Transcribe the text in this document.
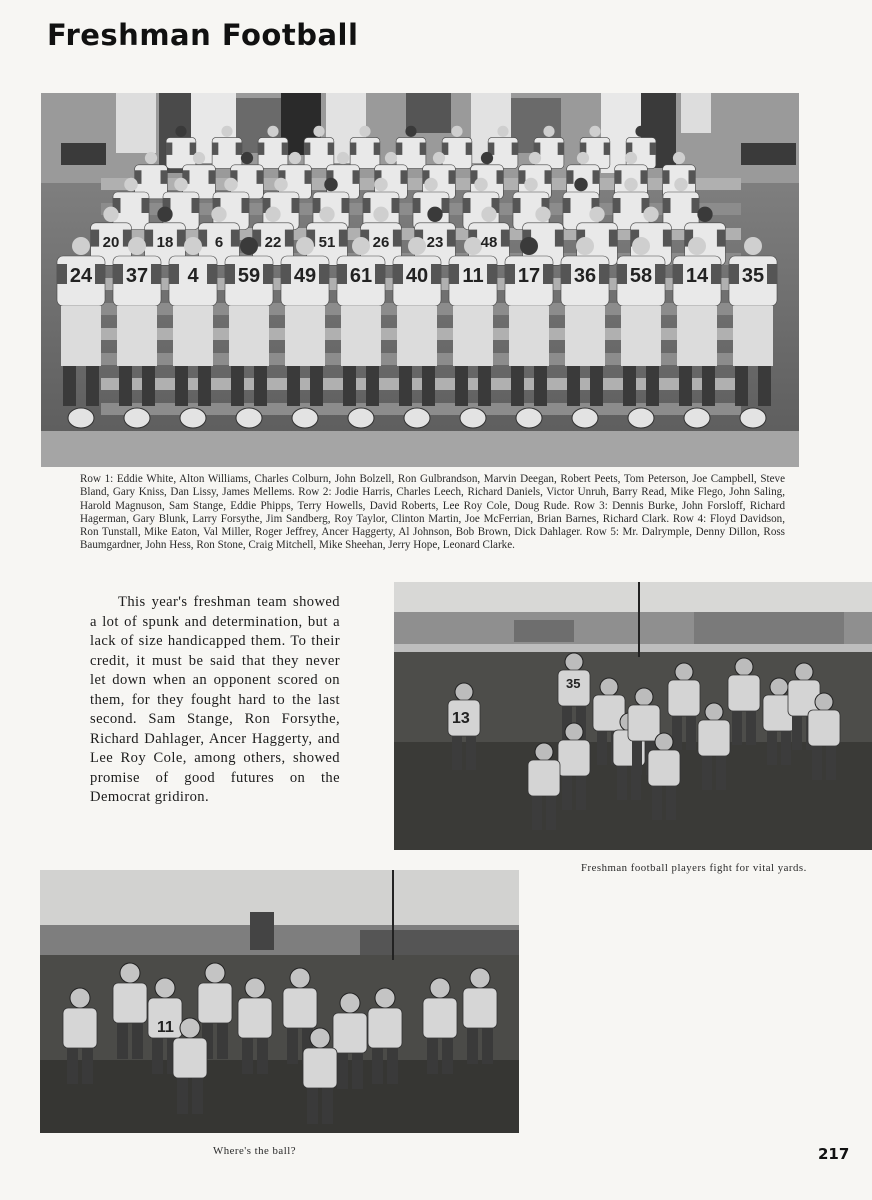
Freshman Football
24 37 4 59 49 61 40 11 17 36 58 14 35
20 18	6	22 51 26 23 48
Row 1: Eddie White, Alton Williams, Charles Colburn, John Bolzell, Ron Gulbrandson, Marvin Deegan, Robert Peets, Tom Peterson, Joe Campbell, Steve Bland, Gary Kniss, Dan Lissy, James Mellems. Row 2: Jodie Harris, Charles Leech, Richard Daniels, Victor Unruh, Barry Read, Mike Flego, John Saling, Harold Magnuson, Sam Stange, Eddie Phipps, Terry Howells, David Roberts, Lee Roy Cole, Doug Rude. Row 3: Dennis Burke, John Forsloff, Richard Hagerman, Gary Blunk, Larry Forsythe, Jim Sandberg, Roy Taylor, Clinton Martin, Joe McFerrian, Brian Barnes, Richard Clark. Row 4: Floyd Davidson, Ron Tunstall, Mike Eaton, Val Miller, Roger Jeffrey, Ancer Haggerty, Al Johnson, Bob Brown, Dick Dahlager. Row 5: Mr. Dalrymple, Denny Dillon, Ross Baumgardner, John Hess, Ron Stone, Craig Mitchell, Mike Sheehan, Jerry Hope, Leonard Clarke.
This year's freshman team showed a lot of spunk and determination, but a lack of size handicapped them. To their credit, it must be said that they never let down when an opponent scored on them, for they fought hard to the last second. Sam Stange, Ron Forsythe, Richard Dahlager, Ancer Haggerty, and Lee Roy Cole, among others, showed promise of good futures on the Democrat gridiron.
13
35
Freshman football players fight for vital yards.
11
Where's the ball?	217
